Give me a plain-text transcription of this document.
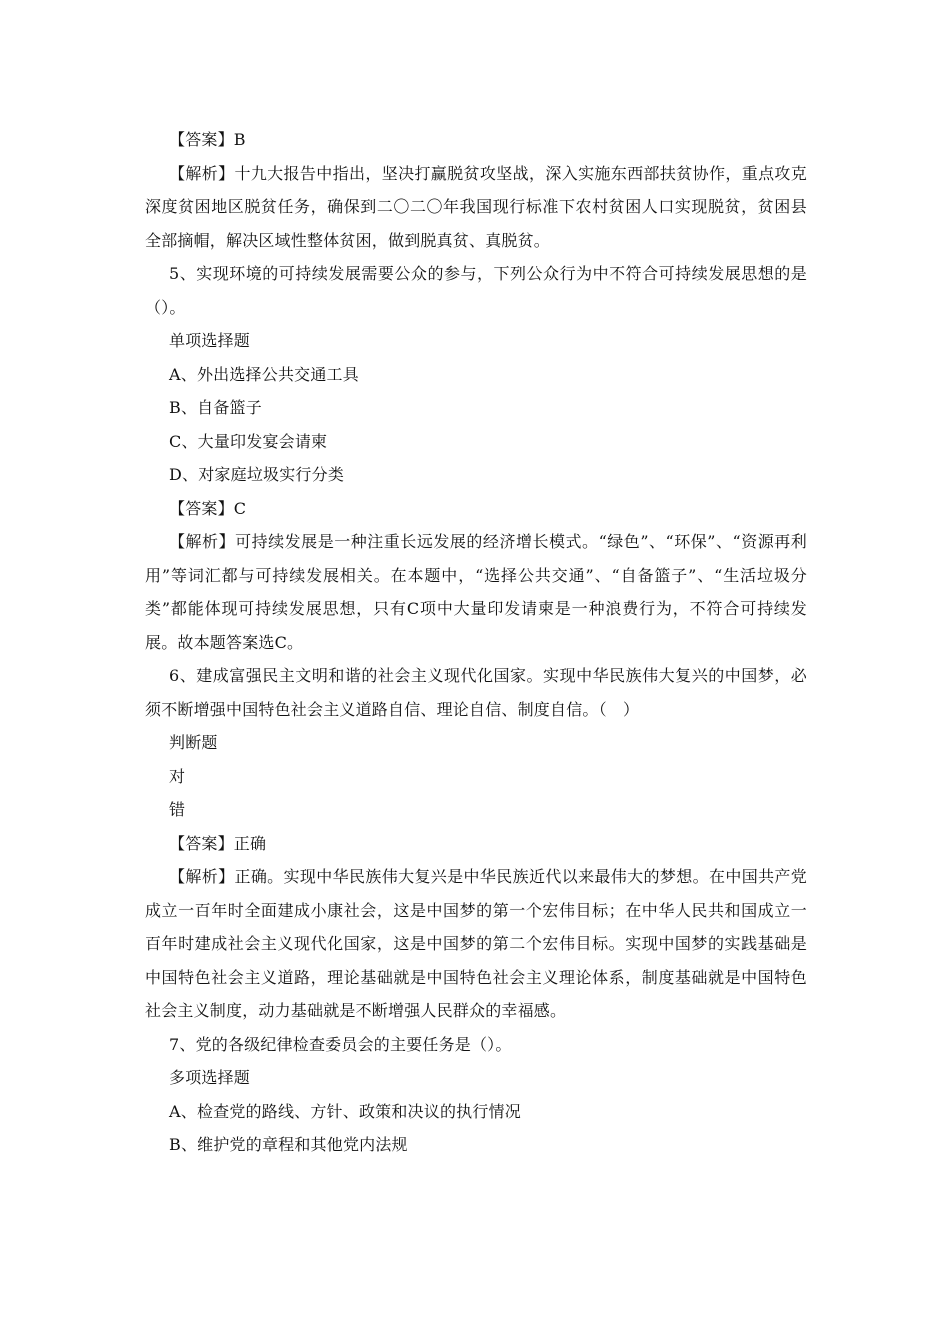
【答案】B

【解析】十九大报告中指出，坚决打赢脱贫攻坚战，深入实施东西部扶贫协作，重点攻克深度贫困地区脱贫任务，确保到二〇二〇年我国现行标准下农村贫困人口实现脱贫，贫困县全部摘帽，解决区域性整体贫困，做到脱真贫、真脱贫。

5、实现环境的可持续发展需要公众的参与，下列公众行为中不符合可持续发展思想的是（）。

单项选择题

A、外出选择公共交通工具

B、自备篮子

C、大量印发宴会请柬

D、对家庭垃圾实行分类

【答案】C

【解析】可持续发展是一种注重长远发展的经济增长模式。“绿色”、“环保”、“资源再利用”等词汇都与可持续发展相关。在本题中，“选择公共交通”、“自备篮子”、“生活垃圾分类”都能体现可持续发展思想，只有C项中大量印发请柬是一种浪费行为，不符合可持续发展。故本题答案选C。

6、建成富强民主文明和谐的社会主义现代化国家。实现中华民族伟大复兴的中国梦，必须不断增强中国特色社会主义道路自信、理论自信、制度自信。（　）

判断题

对

错

【答案】正确

【解析】正确。实现中华民族伟大复兴是中华民族近代以来最伟大的梦想。在中国共产党成立一百年时全面建成小康社会，这是中国梦的第一个宏伟目标；在中华人民共和国成立一百年时建成社会主义现代化国家，这是中国梦的第二个宏伟目标。实现中国梦的实践基础是中国特色社会主义道路，理论基础就是中国特色社会主义理论体系，制度基础就是中国特色社会主义制度，动力基础就是不断增强人民群众的幸福感。

7、党的各级纪律检查委员会的主要任务是（）。

多项选择题

A、检查党的路线、方针、政策和决议的执行情况

B、维护党的章程和其他党内法规
